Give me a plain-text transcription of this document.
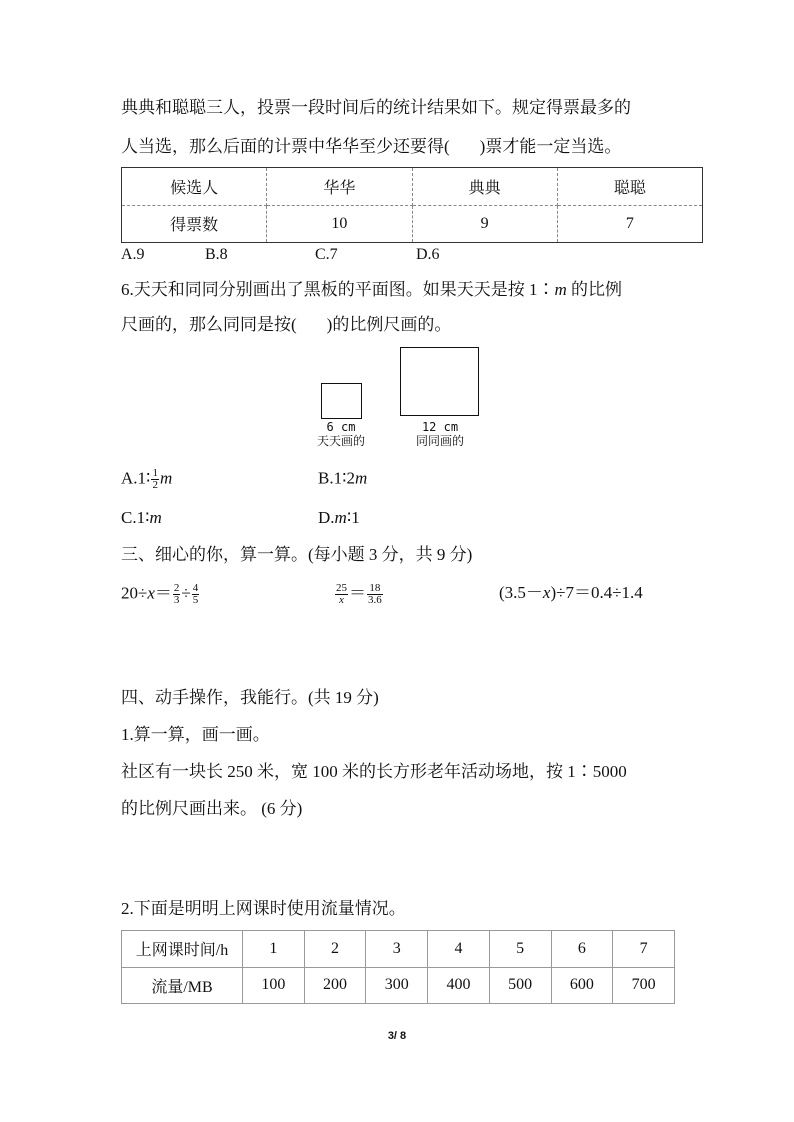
典典和聪聪三人，投票一段时间后的统计结果如下。规定得票最多的
人当选，那么后面的计票中华华至少还要得( )票才能一定当选。
候选人	华华	典典	聪聪
得票数	10	9	7
A.9	B.8	C.7	D.6
6.天天和同同分别画出了黑板的平面图。如果天天是按 1∶m 的比例
尺画的，那么同同是按( )的比例尺画的。
6 cm
天天画的
12 cm
同同画的
A.1∶ $\frac{1}{2}$ m	B.1∶2m
C.1∶m	D.m∶1
三、细心的你，算一算。(每小题 3 分，共 9 分)
$20\div x= \frac{2}{3} \div \frac{4}{5}$	$\frac{25}{x} = \frac{18}{3.6}$	(3.5－x)÷7＝0.4÷1.4
四、动手操作，我能行。(共 19 分)
1.算一算，画一画。
社区有一块长 250 米，宽 100 米的长方形老年活动场地，按 1∶5000
的比例尺画出来。 (6 分)
2.下面是明明上网课时使用流量情况。
上网课时间/h	1	2	3	4	5	6	7
流量/MB	100	200	300	400	500	600	700
3/ 8
